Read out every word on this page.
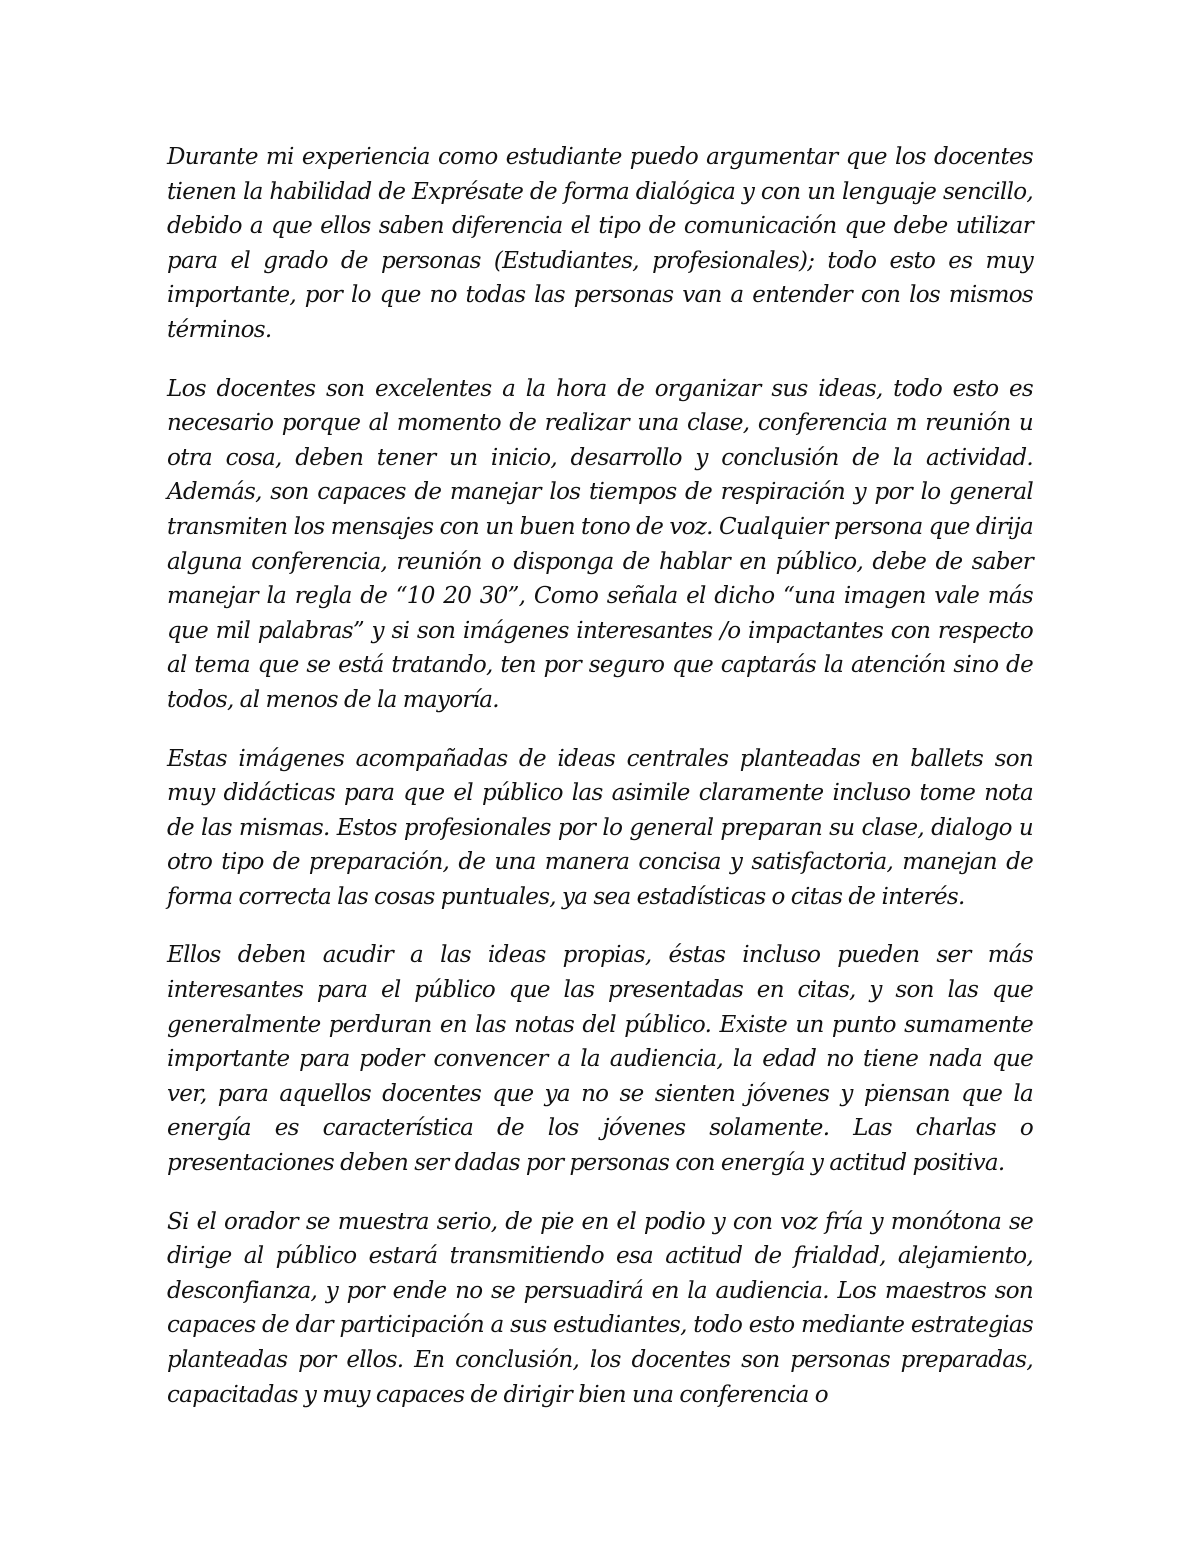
Durante mi experiencia como estudiante puedo argumentar que los docentes tienen la habilidad de Exprésate de forma dialógica y con un lenguaje sencillo, debido a que ellos saben diferencia el tipo de comunicación que debe utilizar para el grado de personas (Estudiantes, profesionales); todo esto es muy importante, por lo que no todas las personas van a entender con los mismos términos.

Los docentes son excelentes a la hora de organizar sus ideas, todo esto es necesario porque al momento de realizar una clase, conferencia m reunión u otra cosa, deben tener un inicio, desarrollo y conclusión de la actividad. Además, son capaces de manejar los tiempos de respiración y por lo general transmiten los mensajes con un buen tono de voz. Cualquier persona que dirija alguna conferencia, reunión o disponga de hablar en público, debe de saber manejar la regla de “10 20 30”, Como señala el dicho “una imagen vale más que mil palabras” y si son imágenes interesantes /o impactantes con respecto al tema que se está tratando, ten por seguro que captarás la atención sino de todos, al menos de la mayoría.

Estas imágenes acompañadas de ideas centrales planteadas en ballets son muy didácticas para que el público las asimile claramente incluso tome nota de las mismas. Estos profesionales por lo general preparan su clase, dialogo u otro tipo de preparación, de una manera concisa y satisfactoria, manejan de forma correcta las cosas puntuales, ya sea estadísticas o citas de interés.

Ellos deben acudir a las ideas propias, éstas incluso pueden ser más interesantes para el público que las presentadas en citas, y son las que generalmente perduran en las notas del público. Existe un punto sumamente importante para poder convencer a la audiencia, la edad no tiene nada que ver, para aquellos docentes que ya no se sienten jóvenes y piensan que la energía es característica de los jóvenes solamente. Las charlas o presentaciones deben ser dadas por personas con energía y actitud positiva.

Si el orador se muestra serio, de pie en el podio y con voz fría y monótona se dirige al público estará transmitiendo esa actitud de frialdad, alejamiento, desconfianza, y por ende no se persuadirá en la audiencia. Los maestros son capaces de dar participación a sus estudiantes, todo esto mediante estrategias planteadas por ellos. En conclusión, los docentes son personas preparadas, capacitadas y muy capaces de dirigir bien una conferencia o
